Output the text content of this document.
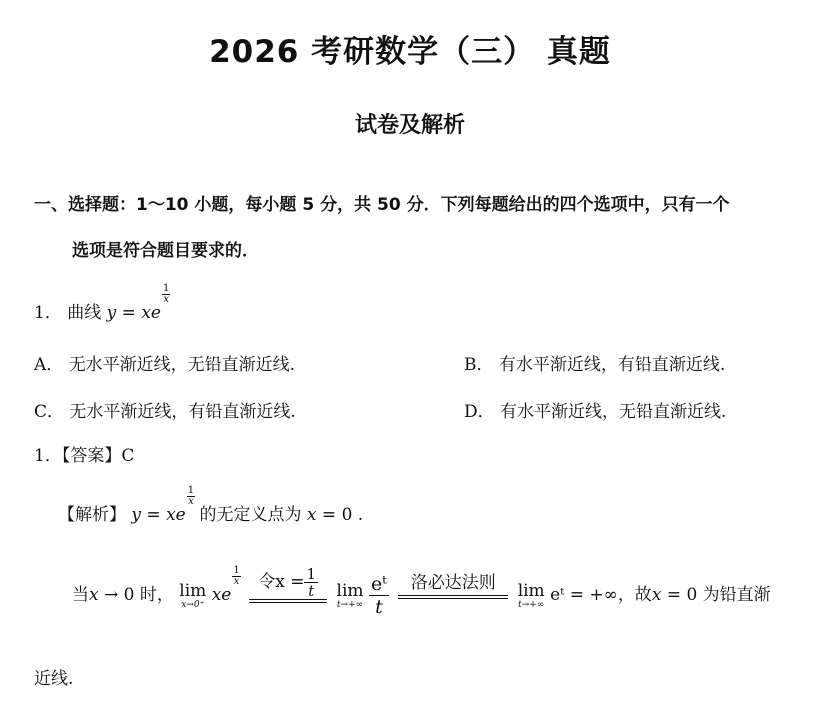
2026 考研数学（三） 真题
试卷及解析
一、选择题：1～10 小题，每小题 5 分，共 50 分．下列每题给出的四个选项中，只有一个
选项是符合题目要求的．
1． 曲线 y = xe
$\frac{1}{x}$
A． 无水平渐近线，无铅直渐近线.	B． 有水平渐近线，有铅直渐近线.
C． 无水平渐近线，有铅直渐近线.	D． 有水平渐近线，无铅直渐近线.
1．【答案】C
【解析】 y = xe
$\frac{1}{x}$
的无定义点为 x = 0 .
当x → 0 时， lim
x→0⁺ xe
$\frac{1}{x}$
	令$x = \frac{1}{t}$ lim
t→+∞
$\frac{\text{eᵗ}}{t}$
	洛必达法则	lim
t→+∞ eᵗ = +∞，故x = 0 为铅直渐
近线.
